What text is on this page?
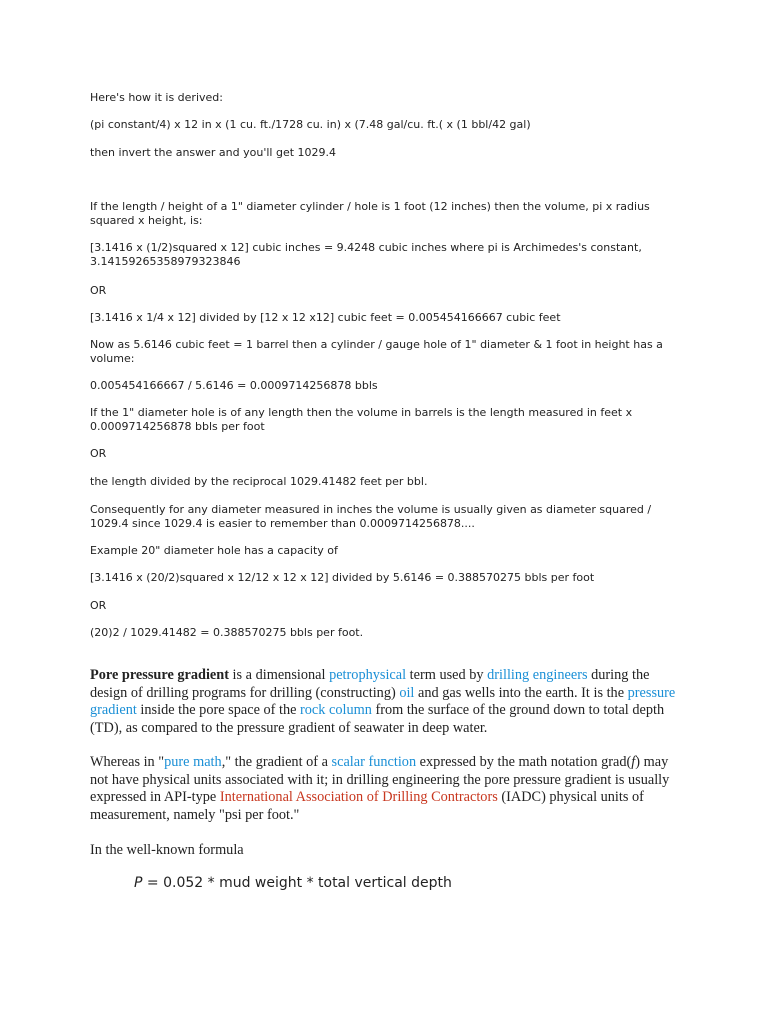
Here's how it is derived:

(pi constant/4) x 12 in x (1 cu. ft./1728 cu. in) x (7.48 gal/cu. ft.( x (1 bbl/42 gal)

then invert the answer and you'll get 1029.4

If the length / height of a 1" diameter cylinder / hole is 1 foot (12 inches) then the volume, pi x radius squared x height, is:

[3.1416 x (1/2)squared x 12] cubic inches = 9.4248 cubic inches where pi is Archimedes's constant, 3.14159265358979323846

OR

[3.1416 x 1/4 x 12] divided by [12 x 12 x12] cubic feet = 0.005454166667 cubic feet

Now as 5.6146 cubic feet = 1 barrel then a cylinder / gauge hole of 1" diameter & 1 foot in height has a volume:

0.005454166667 / 5.6146 = 0.0009714256878 bbls

If the 1" diameter hole is of any length then the volume in barrels is the length measured in feet x 0.0009714256878 bbls per foot

OR

the length divided by the reciprocal 1029.41482 feet per bbl.

Consequently for any diameter measured in inches the volume is usually given as diameter squared / 1029.4 since 1029.4 is easier to remember than 0.0009714256878....

Example 20" diameter hole has a capacity of

[3.1416 x (20/2)squared x 12/12 x 12 x 12] divided by 5.6146 = 0.388570275 bbls per foot

OR

(20)2 / 1029.41482 = 0.388570275 bbls per foot.

Pore pressure gradient is a dimensional petrophysical term used by drilling engineers during the design of drilling programs for drilling (constructing) oil and gas wells into the earth. It is the pressure gradient inside the pore space of the rock column from the surface of the ground down to total depth (TD), as compared to the pressure gradient of seawater in deep water.

Whereas in "pure math," the gradient of a scalar function expressed by the math notation grad(f) may not have physical units associated with it; in drilling engineering the pore pressure gradient is usually expressed in API-type International Association of Drilling Contractors (IADC) physical units of measurement, namely "psi per foot."

In the well-known formula

P = 0.052 * mud weight * total vertical depth
